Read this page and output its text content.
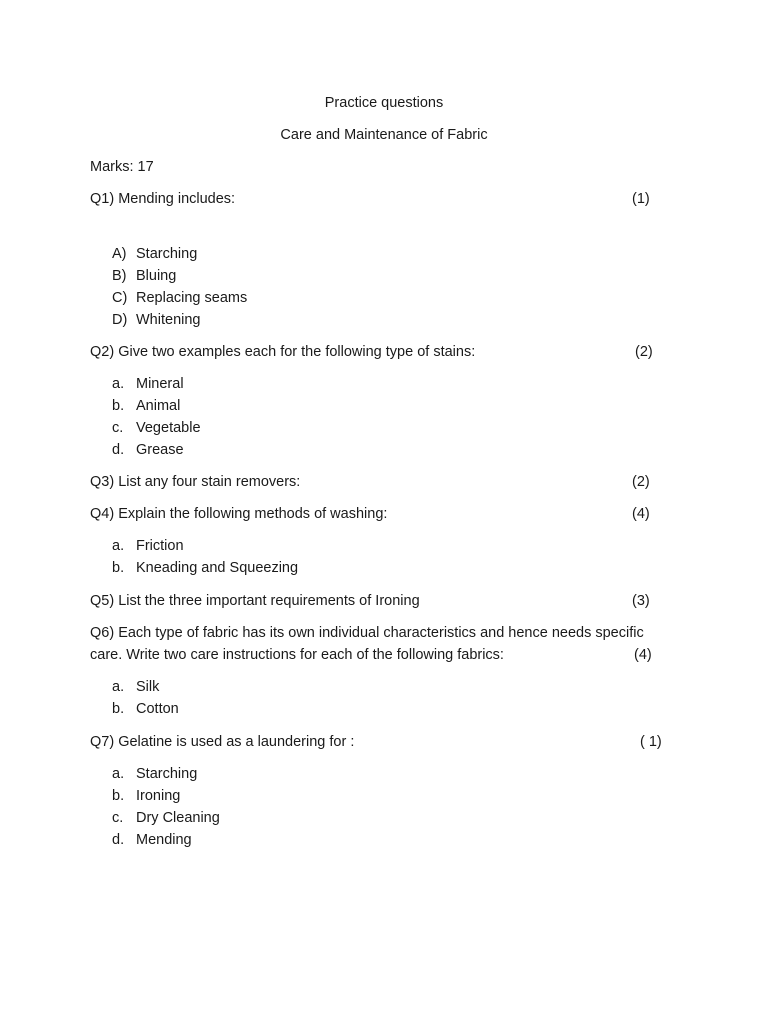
Practice questions
Care and Maintenance of Fabric
Marks: 17
Q1) Mending includes:	(1)
A) Starching
B) Bluing
C) Replacing seams
D) Whitening
Q2) Give two examples each for the following type of stains:	(2)
a. Mineral
b. Animal
c. Vegetable
d. Grease
Q3) List any four stain removers:	(2)
Q4) Explain the following methods of washing:	(4)
a. Friction
b. Kneading and Squeezing
Q5) List the three important requirements of Ironing	(3)
Q6) Each type of fabric has its own individual characteristics and hence needs specific
care. Write two care instructions for each of the following fabrics:	(4)
a. Silk
b. Cotton
Q7) Gelatine is used as a laundering for :	( 1)
a. Starching
b. Ironing
c. Dry Cleaning
d. Mending
